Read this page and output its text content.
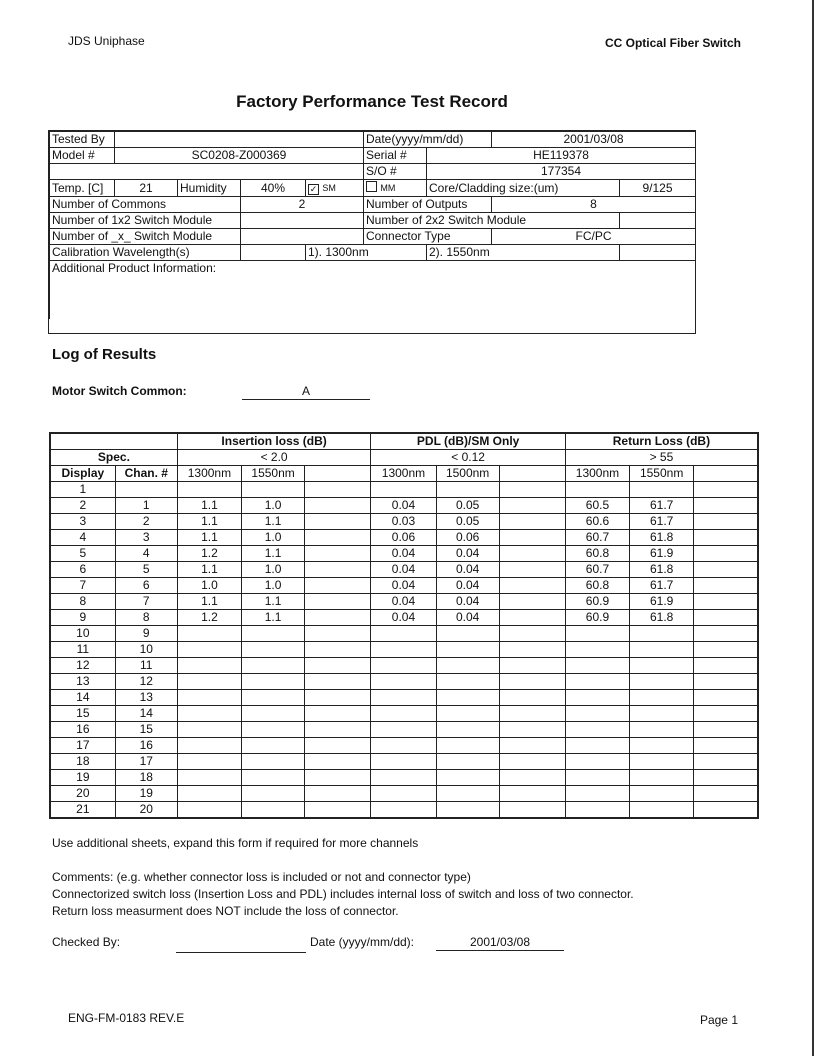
JDS Uniphase	CC Optical Fiber Switch
Factory Performance Test Record
Tested By					Date(yyyy/mm/dd)		2001/03/08	
Model #	SC0208-Z000369				Serial #	HE119378		
					S/O #	177354		
Temp. [C]	21	Humidity	40%	✓ SM	MM	Core/Cladding size:(um)		9/125
Number of Commons			2		Number of Outputs		8	
Number of 1x2 Switch Module					Number of 2x2 Switch Module			
Number of _x_ Switch Module					Connector Type		FC/PC	
Calibration Wavelength(s)				1). 1300nm		2). 1550nm		
Additional Product Information:								
Log of Results
Motor Switch Common:	A
		Insertion loss (dB)			PDL (dB)/SM Only			Return Loss (dB)		
Spec.		< 2.0			< 0.12			> 55		
Display	Chan. #	1300nm	1550nm		1300nm	1500nm		1300nm	1550nm	
1										
2	1	1.1	1.0		0.04	0.05		60.5	61.7	
3	2	1.1	1.1		0.03	0.05		60.6	61.7	
4	3	1.1	1.0		0.06	0.06		60.7	61.8	
5	4	1.2	1.1		0.04	0.04		60.8	61.9	
6	5	1.1	1.0		0.04	0.04		60.7	61.8	
7	6	1.0	1.0		0.04	0.04		60.8	61.7	
8	7	1.1	1.1		0.04	0.04		60.9	61.9	
9	8	1.2	1.1		0.04	0.04		60.9	61.8	
10	9									
11	10									
12	11									
13	12									
14	13									
15	14									
16	15									
17	16									
18	17									
19	18									
20	19									
21	20									
Use additional sheets, expand this form if required for more channels
Comments: (e.g. whether connector loss is included or not and connector type)
Connectorized switch loss (Insertion Loss and PDL) includes internal loss of switch and loss of two connector.
Return loss measurment does NOT include the loss of connector.
Checked By:	Date (yyyy/mm/dd):	2001/03/08
ENG-FM-0183 REV.E	Page 1
